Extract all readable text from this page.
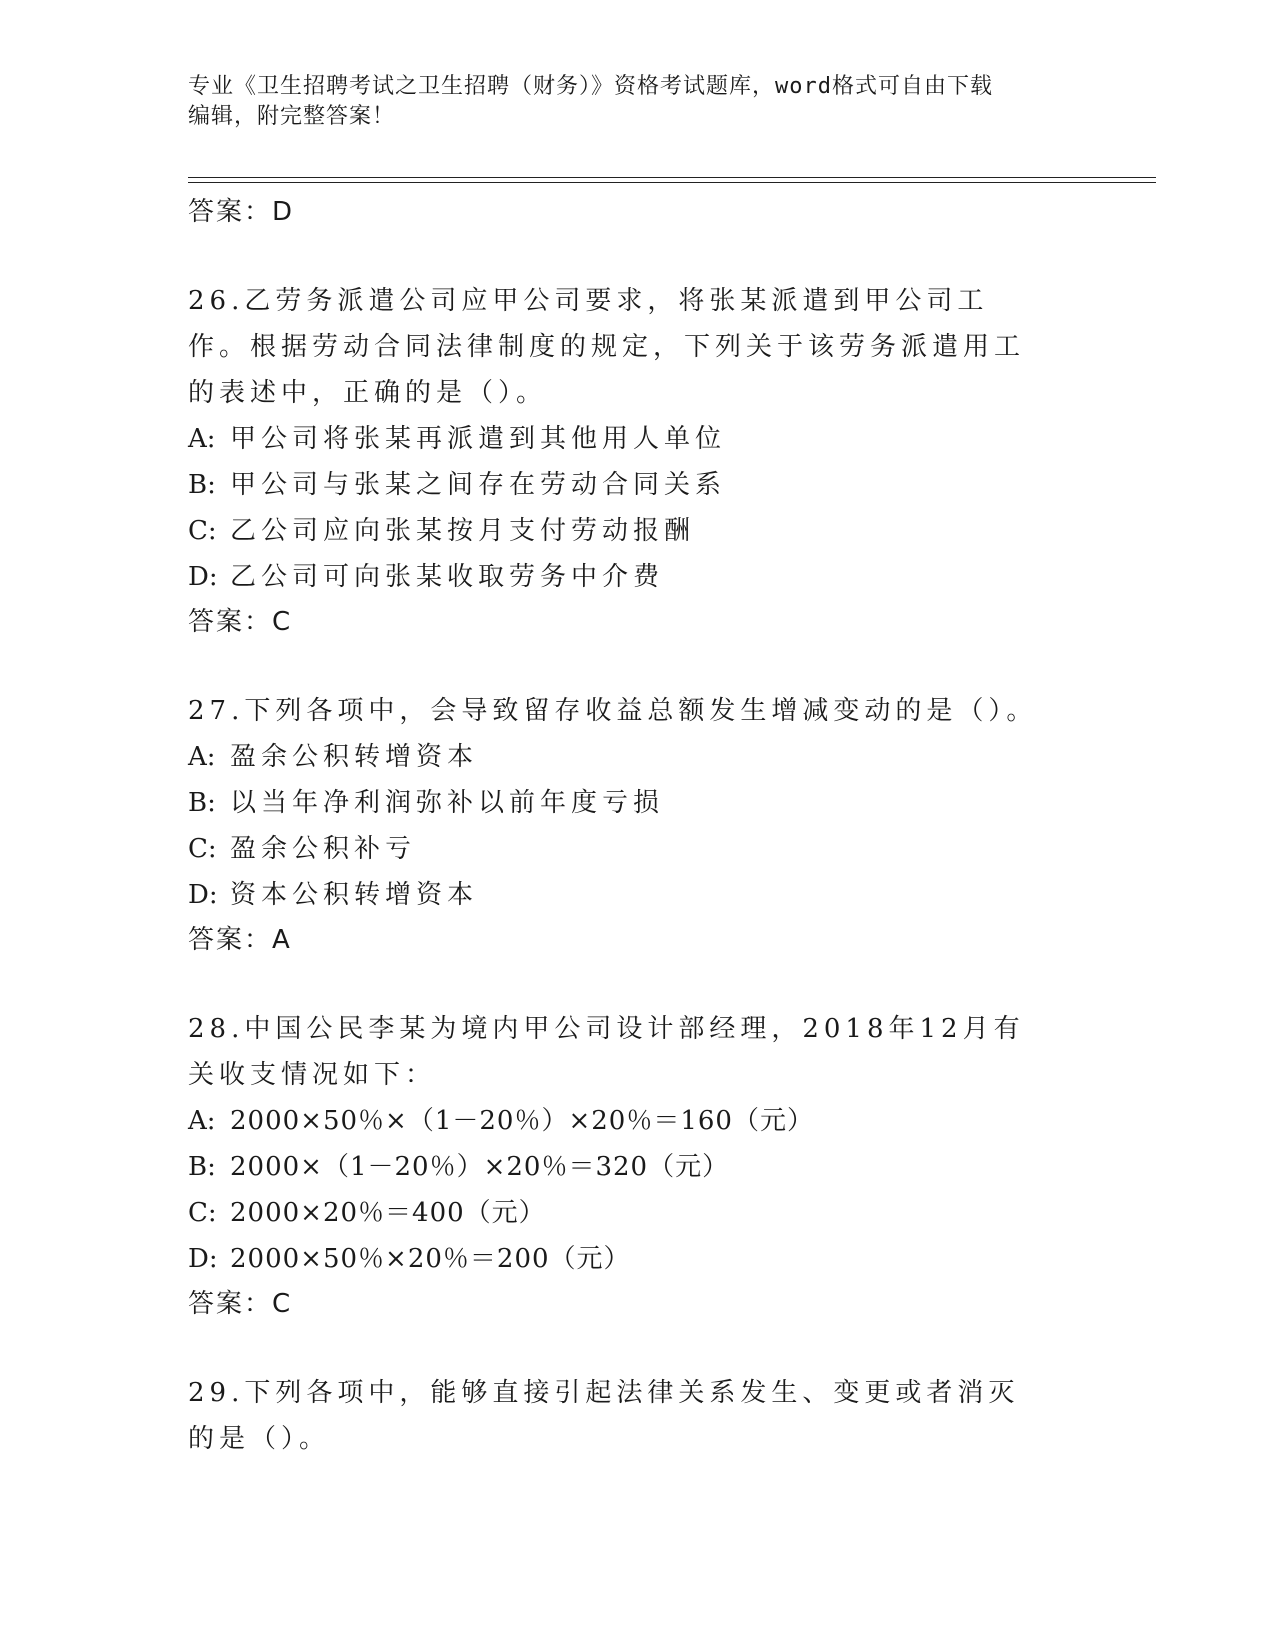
专业《卫生招聘考试之卫生招聘（财务）》资格考试题库，word格式可自由下载
编辑，附完整答案！
答案：D
26.乙劳务派遣公司应甲公司要求，将张某派遣到甲公司工作。根据劳动合同法律制度的规定，下列关于该劳务派遣用工的表述中，正确的是（）。
A: 甲公司将张某再派遣到其他用人单位
B: 甲公司与张某之间存在劳动合同关系
C: 乙公司应向张某按月支付劳动报酬
D: 乙公司可向张某收取劳务中介费
答案：C
27.下列各项中，会导致留存收益总额发生增减变动的是（）。
A: 盈余公积转增资本
B: 以当年净利润弥补以前年度亏损
C: 盈余公积补亏
D: 资本公积转增资本
答案：A
28.中国公民李某为境内甲公司设计部经理，2018年12月有关收支情况如下：
A: 2000×50％×（1－20％）×20％＝160（元）
B: 2000×（1－20％）×20％＝320（元）
C: 2000×20％＝400（元）
D: 2000×50％×20％＝200（元）
答案：C
29.下列各项中，能够直接引起法律关系发生、变更或者消灭的是（）。
